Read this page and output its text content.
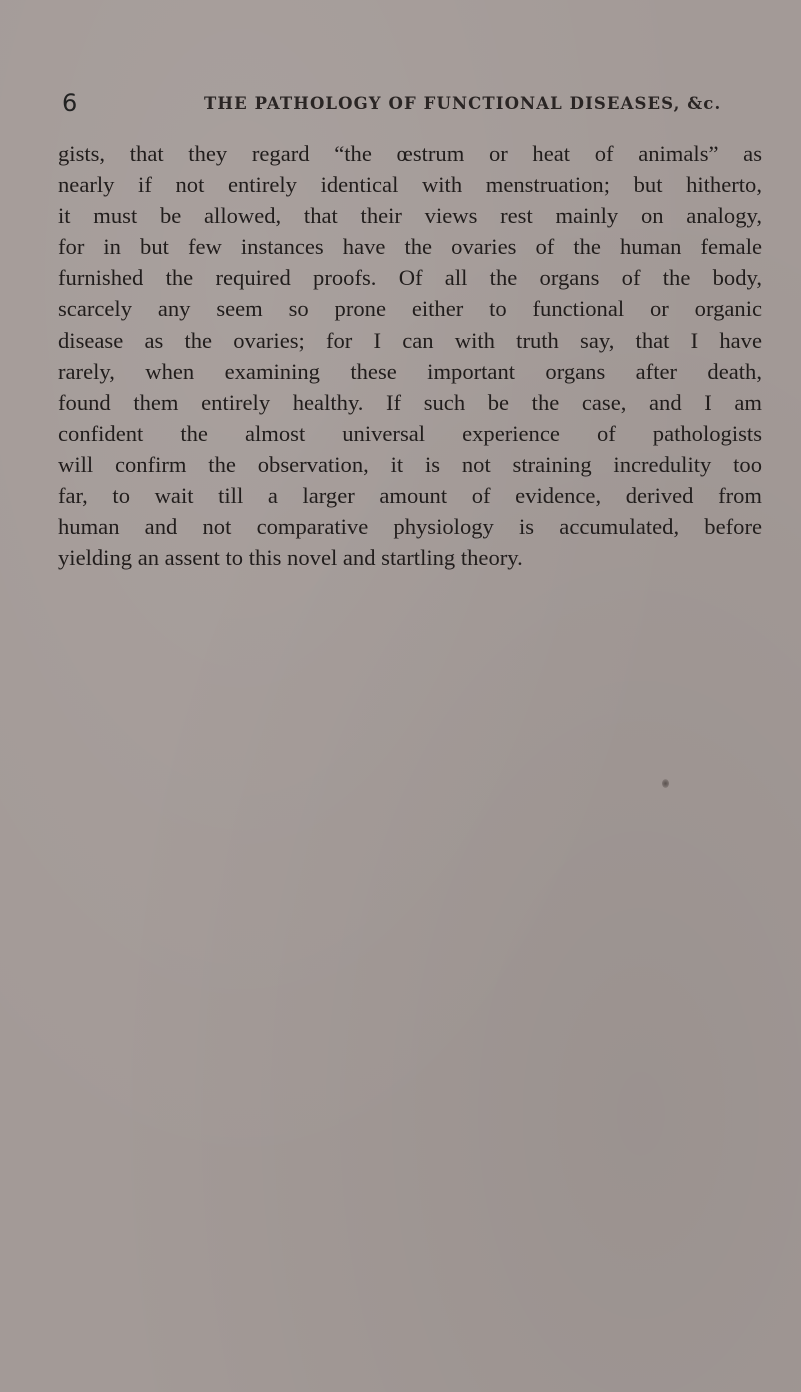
6	THE PATHOLOGY OF FUNCTIONAL DISEASES, &c.
gists, that they regard “the œstrum or heat of animals” as
nearly if not entirely identical with menstruation; but hitherto,
it must be allowed, that their views rest mainly on analogy,
for in but few instances have the ovaries of the human female
furnished the required proofs. Of all the organs of the body,
scarcely any seem so prone either to functional or organic
disease as the ovaries; for I can with truth say, that I have
rarely, when examining these important organs after death,
found them entirely healthy. If such be the case, and I am
confident the almost universal experience of pathologists
will confirm the observation, it is not straining incredulity too
far, to wait till a larger amount of evidence, derived from
human and not comparative physiology is accumulated, before
yielding an assent to this novel and startling theory.
